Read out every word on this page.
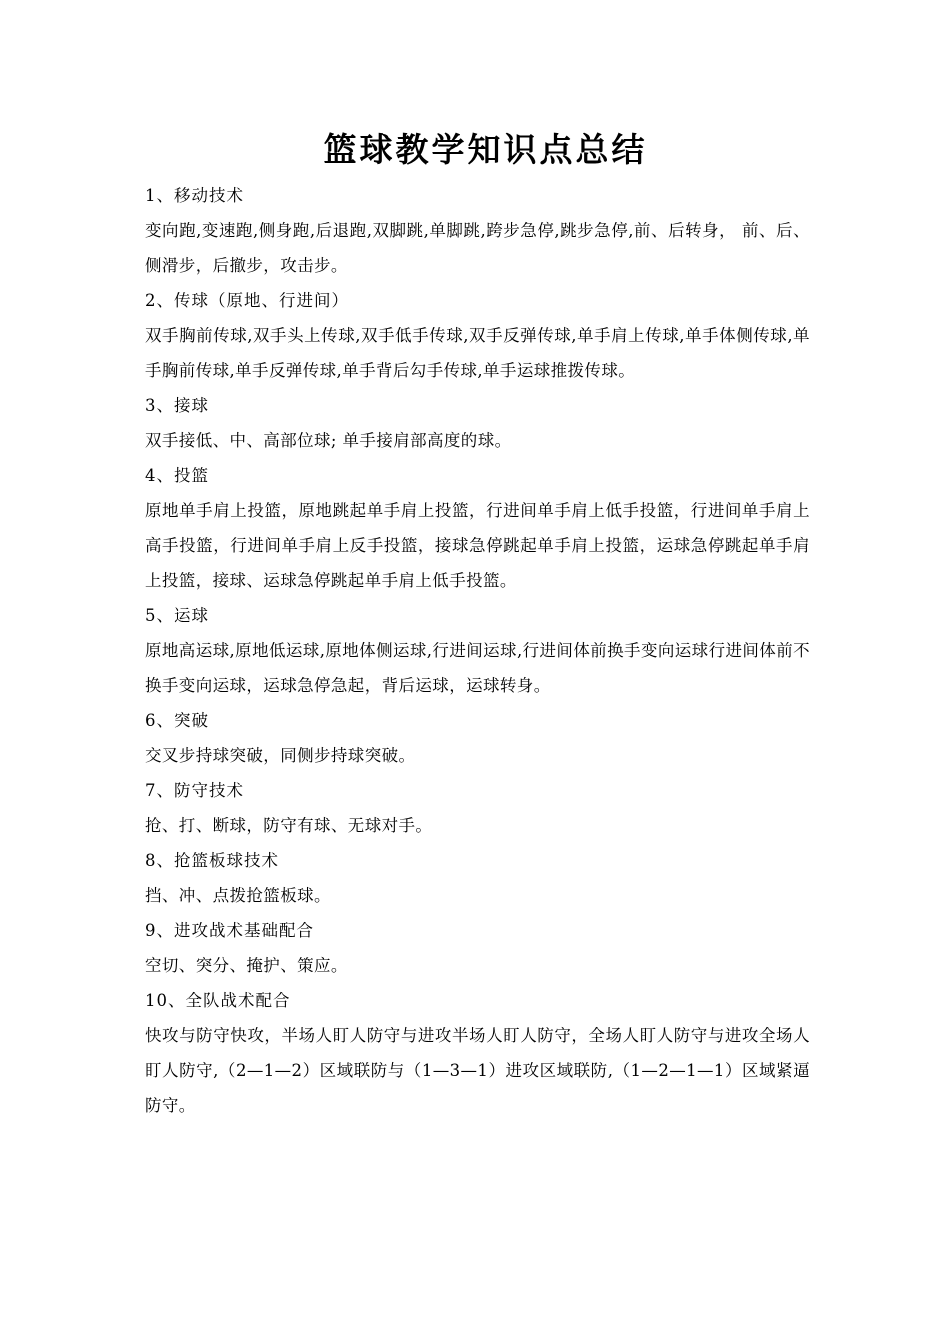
篮球教学知识点总结

1、移动技术

变向跑,变速跑,侧身跑,后退跑,双脚跳,单脚跳,跨步急停,跳步急停,前、后转身， 前、后、侧滑步，后撤步，攻击步。

2、传球（原地、行进间）

双手胸前传球,双手头上传球,双手低手传球,双手反弹传球,单手肩上传球,单手体侧传球,单手胸前传球,单手反弹传球,单手背后勾手传球,单手运球推拨传球。

3、接球

双手接低、中、高部位球; 单手接肩部高度的球。

4、投篮

原地单手肩上投篮，原地跳起单手肩上投篮，行进间单手肩上低手投篮，行进间单手肩上高手投篮，行进间单手肩上反手投篮，接球急停跳起单手肩上投篮，运球急停跳起单手肩上投篮，接球、运球急停跳起单手肩上低手投篮。

5、运球

原地高运球,原地低运球,原地体侧运球,行进间运球,行进间体前换手变向运球行进间体前不换手变向运球，运球急停急起，背后运球，运球转身。

6、突破

交叉步持球突破，同侧步持球突破。

7、防守技术

抢、打、断球，防守有球、无球对手。

8、抢篮板球技术

挡、冲、点拨抢篮板球。

9、进攻战术基础配合

空切、突分、掩护、策应。

10、全队战术配合

快攻与防守快攻，半场人盯人防守与进攻半场人盯人防守，全场人盯人防守与进攻全场人盯人防守,（2—1—2）区域联防与（1—3—1）进攻区域联防,（1—2—1—1）区域紧逼防守。
